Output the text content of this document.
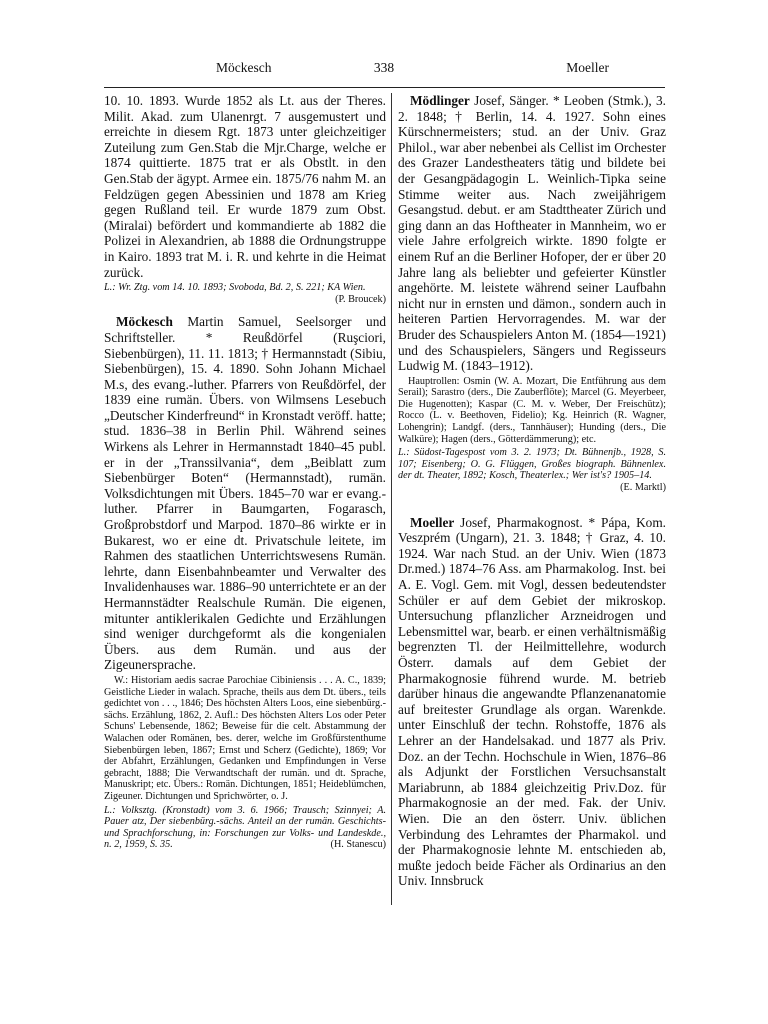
Möckesch	338	Moeller

10. 10. 1893. Wurde 1852 als Lt. aus der Theres. Milit. Akad. zum Ulanenrgt. 7 ausgemustert und erreichte in diesem Rgt. 1873 unter gleichzeitiger Zuteilung zum Gen.Stab die Mjr.Charge, welche er 1874 quittierte. 1875 trat er als Obstlt. in den Gen.Stab der ägypt. Armee ein. 1875/76 nahm M. an Feldzügen gegen Abessinien und 1878 am Krieg gegen Rußland teil. Er wurde 1879 zum Obst. (Miralai) befördert und kommandierte ab 1882 die Polizei in Alexandrien, ab 1888 die Ordnungstruppe in Kairo. 1893 trat M. i. R. und kehrte in die Heimat zurück.

L.: Wr. Ztg. vom 14. 10. 1893; Svoboda, Bd. 2, S. 221; KA Wien.
(P. Broucek)

Möckesch Martin Samuel, Seelsorger und Schriftsteller. * Reußdörfel (Ruşciori, Siebenbürgen), 11. 11. 1813; † Hermannstadt (Sibiu, Siebenbürgen), 15. 4. 1890. Sohn Johann Michael M.s, des evang.-luther. Pfarrers von Reußdörfel, der 1839 eine rumän. Übers. von Wilmsens Lesebuch „Deutscher Kinderfreund“ in Kronstadt veröff. hatte; stud. 1836–38 in Berlin Phil. Während seines Wirkens als Lehrer in Hermannstadt 1840–45 publ. er in der „Transsilvania“, dem „Beiblatt zum Siebenbürger Boten“ (Hermannstadt), rumän. Volksdichtungen mit Übers. 1845–70 war er evang.-luther. Pfarrer in Baumgarten, Fogarasch, Großprobstdorf und Marpod. 1870–86 wirkte er in Bukarest, wo er eine dt. Privatschule leitete, im Rahmen des staatlichen Unterrichtswesens Rumän. lehrte, dann Eisenbahnbeamter und Verwalter des Invalidenhauses war. 1886–90 unterrichtete er an der Hermannstädter Realschule Rumän. Die eigenen, mitunter antiklerikalen Gedichte und Erzählungen sind weniger durchgeformt als die kongenialen Übers. aus dem Rumän. und aus der Zigeunersprache.

W.: Historiam aedis sacrae Parochiae Cibiniensis . . . A. C., 1839; Geistliche Lieder in walach. Sprache, theils aus dem Dt. übers., teils gedichtet von . . ., 1846; Des höchsten Alters Loos, eine siebenbürg.-sächs. Erzählung, 1862, 2. Aufl.: Des höchsten Alters Los oder Peter Schuns' Lebensende, 1862; Beweise für die celt. Abstammung der Walachen oder Romänen, bes. derer, welche im Großfürstenthume Siebenbürgen leben, 1867; Ernst und Scherz (Gedichte), 1869; Vor der Abfahrt, Erzählungen, Gedanken und Empfindungen in Verse gebracht, 1888; Die Verwandtschaft der rumän. und dt. Sprache, Manuskript; etc. Übers.: Romän. Dichtungen, 1851; Heideblümchen, Zigeuner. Dichtungen und Sprichwörter, o. J.

L.: Volksztg. (Kronstadt) vom 3. 6. 1966; Trausch; Szinnyei; A. Pauer atz, Der siebenbürg.-sächs. Anteil an der rumän. Geschichts- und Sprachforschung, in: Forschungen zur Volks- und Landeskde., n. 2, 1959, S. 35.	(H. Stanescu)

Mödlinger Josef, Sänger. * Leoben (Stmk.), 3. 2. 1848; † Berlin, 14. 4. 1927. Sohn eines Kürschnermeisters; stud. an der Univ. Graz Philol., war aber nebenbei als Cellist im Orchester des Grazer Landestheaters tätig und bildete bei der Gesangpädagogin L. Weinlich-Tipka seine Stimme weiter aus. Nach zweijährigem Gesangstud. debut. er am Stadttheater Zürich und ging dann an das Hoftheater in Mannheim, wo er viele Jahre erfolgreich wirkte. 1890 folgte er einem Ruf an die Berliner Hofoper, der er über 20 Jahre lang als beliebter und gefeierter Künstler angehörte. M. leistete während seiner Laufbahn nicht nur in ernsten und dämon., sondern auch in heiteren Partien Hervorragendes. M. war der Bruder des Schauspielers Anton M. (1854—1921) und des Schauspielers, Sängers und Regisseurs Ludwig M. (1843–1912).

Hauptrollen: Osmin (W. A. Mozart, Die Entführung aus dem Serail); Sarastro (ders., Die Zauberflöte); Marcel (G. Meyerbeer, Die Hugenotten); Kaspar (C. M. v. Weber, Der Freischütz); Rocco (L. v. Beethoven, Fidelio); Kg. Heinrich (R. Wagner, Lohengrin); Landgf. (ders., Tannhäuser); Hunding (ders., Die Walküre); Hagen (ders., Götterdämmerung); etc.

L.: Südost-Tagespost vom 3. 2. 1973; Dt. Bühnenjb., 1928, S. 107; Eisenberg; O. G. Flüggen, Großes biograph. Bühnenlex. der dt. Theater, 1892; Kosch, Theaterlex.; Wer ist's? 1905–14.
(E. Marktl)

Moeller Josef, Pharmakognost. * Pápa, Kom. Veszprém (Ungarn), 21. 3. 1848; † Graz, 4. 10. 1924. War nach Stud. an der Univ. Wien (1873 Dr.med.) 1874–76 Ass. am Pharmakolog. Inst. bei A. E. Vogl. Gem. mit Vogl, dessen bedeutendster Schüler er auf dem Gebiet der mikroskop. Untersuchung pflanzlicher Arzneidrogen und Lebensmittel war, bearb. er einen verhältnismäßig begrenzten Tl. der Heilmittellehre, wodurch Österr. damals auf dem Gebiet der Pharmakognosie führend wurde. M. betrieb darüber hinaus die angewandte Pflanzenanatomie auf breitester Grundlage als organ. Warenkde. unter Einschluß der techn. Rohstoffe, 1876 als Lehrer an der Handelsakad. und 1877 als Priv. Doz. an der Techn. Hochschule in Wien, 1876–86 als Adjunkt der Forstlichen Versuchsanstalt Mariabrunn, ab 1884 gleichzeitig Priv.Doz. für Pharmakognosie an der med. Fak. der Univ. Wien. Die an den österr. Univ. üblichen Verbindung des Lehramtes der Pharmakol. und der Pharmakognosie lehnte M. entschieden ab, mußte jedoch beide Fächer als Ordinarius an den Univ. Innsbruck
